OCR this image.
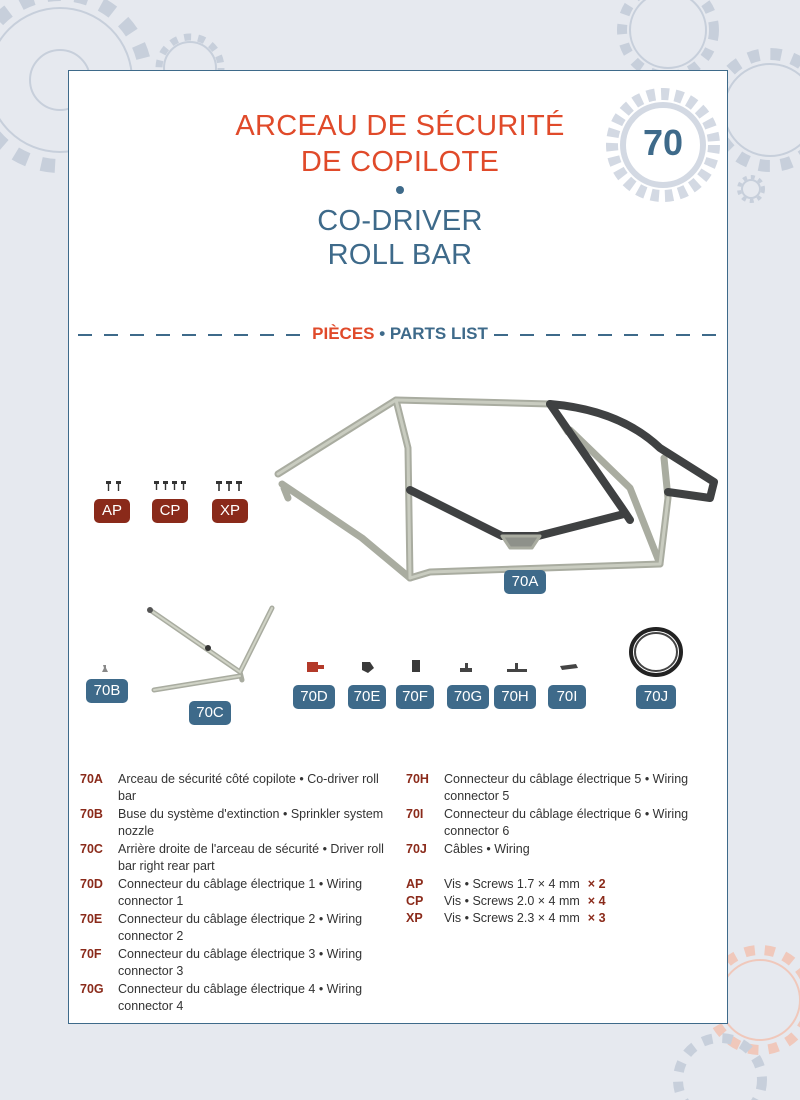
ARCEAU DE SÉCURITÉ
DE COPILOTE
CO-DRIVER
ROLL BAR
70
PIÈCES • PARTS LIST
AP	CP	XP
70A
70B
70C
70D	70E	70F	70G	70H	70I	70J
70A Arceau de sécurité côté copilote • Co-driver roll
bar
70B Buse du système d'extinction • Sprinkler system
nozzle
70C Arrière droite de l'arceau de sécurité • Driver roll
bar right rear part
70D Connecteur du câblage électrique 1 • Wiring
connector 1
70E Connecteur du câblage électrique 2 • Wiring
connector 2
70F Connecteur du câblage électrique 3 • Wiring
connector 3
70G Connecteur du câblage électrique 4 • Wiring
connector 4
70H Connecteur du câblage électrique 5 • Wiring
connector 5
70I Connecteur du câblage électrique 6 • Wiring
connector 6
70J Câbles • Wiring
AP Vis • Screws 1.7 × 4 mm × 2
CP Vis • Screws 2.0 × 4 mm × 4
XP Vis • Screws 2.3 × 4 mm × 3
